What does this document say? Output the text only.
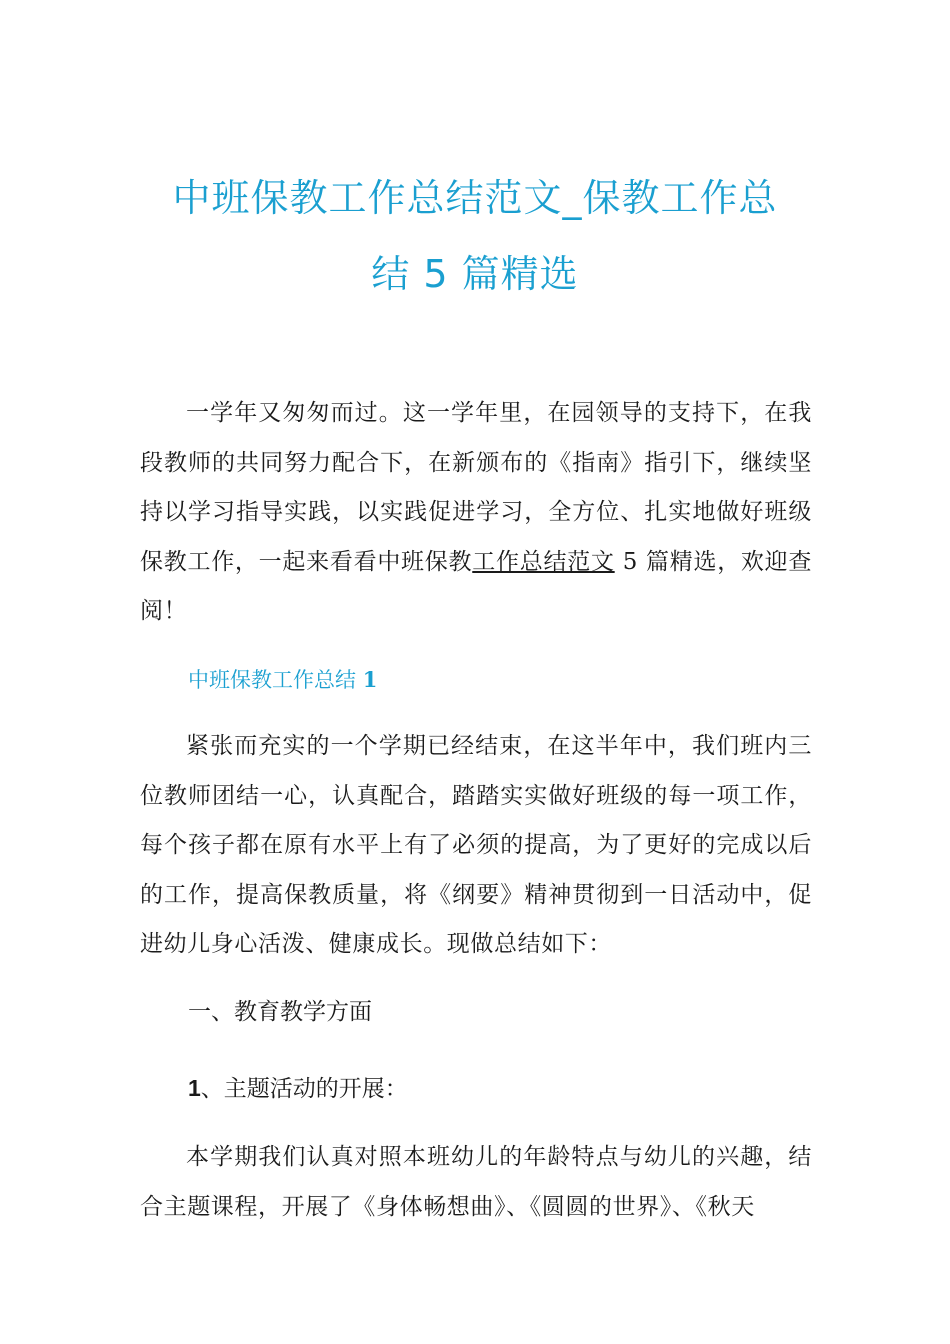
中班保教工作总结范文_保教工作总
结 5 篇精选

一学年又匆匆而过。这一学年里，在园领导的支持下，在我段教师的共同努力配合下，在新颁布的《指南》指引下，继续坚持以学习指导实践，以实践促进学习，全方位、扎实地做好班级保教工作，一起来看看中班保教工作总结范文 5 篇精选，欢迎查阅！

中班保教工作总结 1

紧张而充实的一个学期已经结束，在这半年中，我们班内三位教师团结一心，认真配合，踏踏实实做好班级的每一项工作，每个孩子都在原有水平上有了必须的提高，为了更好的完成以后的工作，提高保教质量，将《纲要》精神贯彻到一日活动中，促进幼儿身心活泼、健康成长。现做总结如下：

一、教育教学方面
1、主题活动的开展：

本学期我们认真对照本班幼儿的年龄特点与幼儿的兴趣，结合主题课程，开展了《身体畅想曲》、《圆圆的世界》、《秋天
